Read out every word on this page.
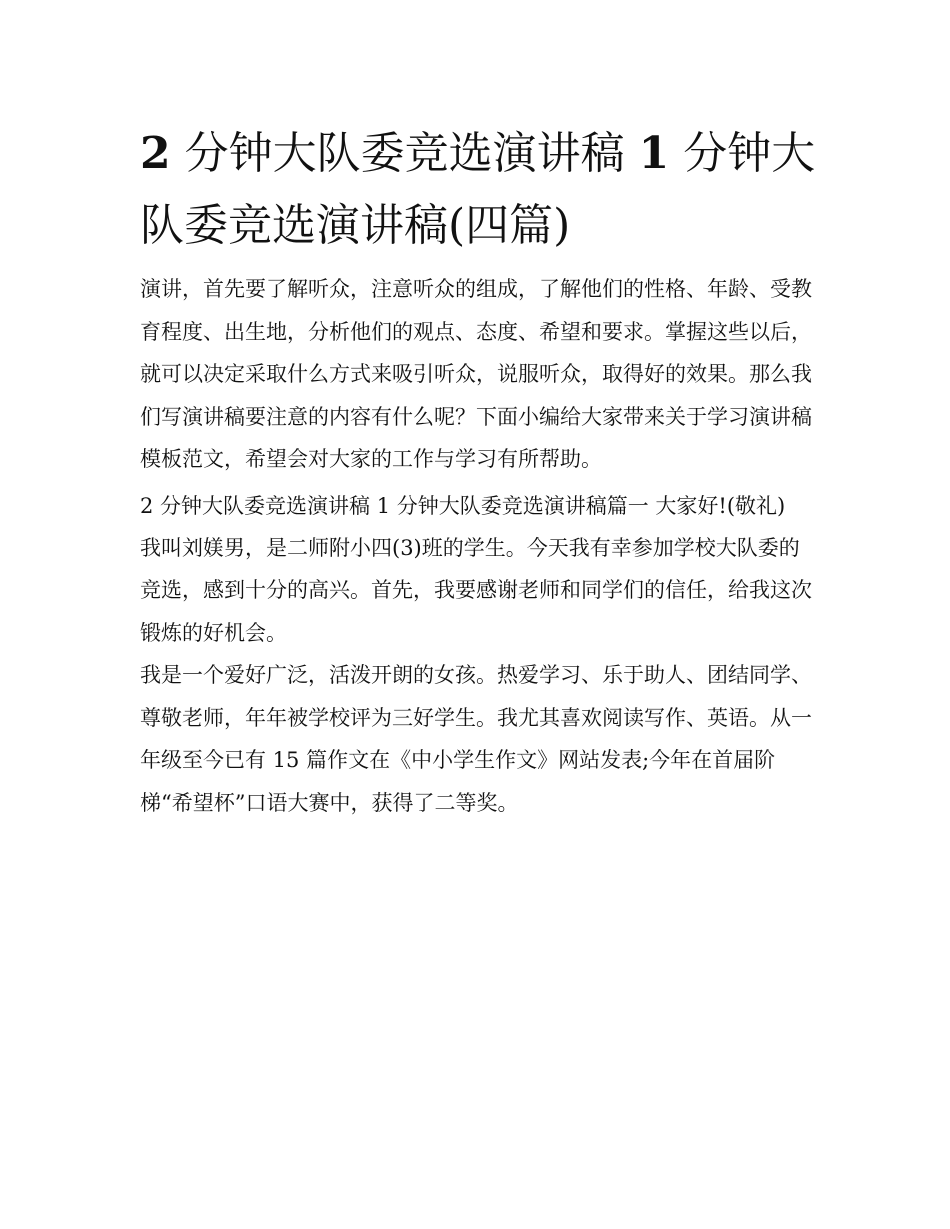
2 分钟大队委竞选演讲稿 1 分钟大队委竞选演讲稿(四篇)

演讲，首先要了解听众，注意听众的组成，了解他们的性格、年龄、受教育程度、出生地，分析他们的观点、态度、希望和要求。掌握这些以后，就可以决定采取什么方式来吸引听众，说服听众，取得好的效果。那么我们写演讲稿要注意的内容有什么呢？下面小编给大家带来关于学习演讲稿模板范文，希望会对大家的工作与学习有所帮助。

2 分钟大队委竞选演讲稿 1 分钟大队委竞选演讲稿篇一 大家好!(敬礼)

我叫刘媄男，是二师附小四(3)班的学生。今天我有幸参加学校大队委的竞选，感到十分的高兴。首先，我要感谢老师和同学们的信任，给我这次锻炼的好机会。

我是一个爱好广泛，活泼开朗的女孩。热爱学习、乐于助人、团结同学、尊敬老师，年年被学校评为三好学生。我尤其喜欢阅读写作、英语。从一年级至今已有 15 篇作文在《中小学生作文》网站发表;今年在首届阶梯“希望杯”口语大赛中，获得了二等奖。
